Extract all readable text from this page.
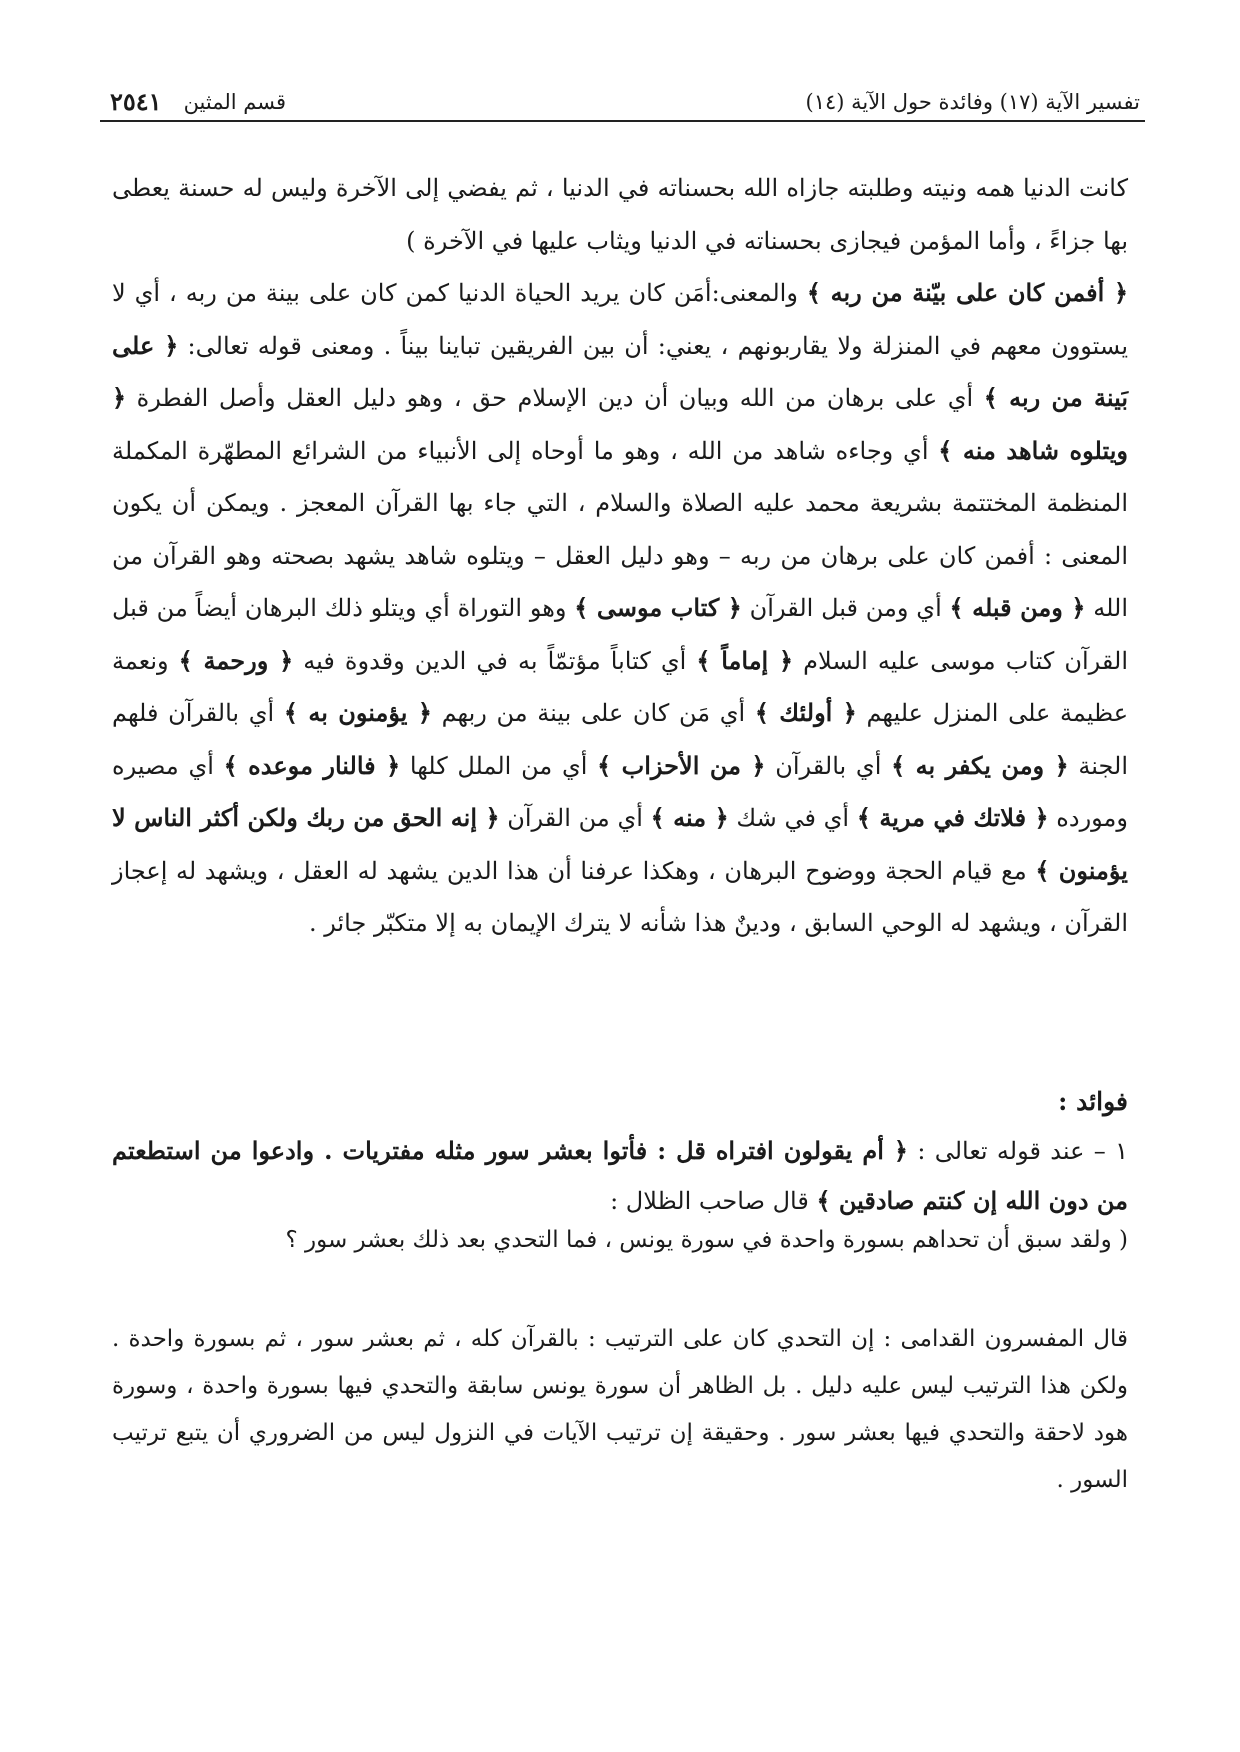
تفسير الآية (١٧) وفائدة حول الآية (١٤)
قسم المثين
٢٥٤١

كانت الدنيا همه ونيته وطلبته جازاه الله بحسناته في الدنيا ، ثم يفضي إلى الآخرة وليس له حسنة يعطى بها جزاءً ، وأما المؤمن فيجازى بحسناته في الدنيا ويثاب عليها في الآخرة )

﴿ أفمن كان على بيّنة من ربه ﴾ والمعنى:أمَن كان يريد الحياة الدنيا كمن كان على بينة من ربه ، أي لا يستوون معهم في المنزلة ولا يقاربونهم ، يعني: أن بين الفريقين تباينا بيناً . ومعنى قوله تعالى: ﴿ على بَينة من ربه ﴾ أي على برهان من الله وبيان أن دين الإسلام حق ، وهو دليل العقل وأصل الفطرة ﴿ ويتلوه شاهد منه ﴾ أي وجاءه شاهد من الله ، وهو ما أوحاه إلى الأنبياء من الشرائع المطهّرة المكملة المنظمة المختتمة بشريعة محمد عليه الصلاة والسلام ، التي جاء بها القرآن المعجز . ويمكن أن يكون المعنى : أفمن كان على برهان من ربه – وهو دليل العقل – ويتلوه شاهد يشهد بصحته وهو القرآن من الله ﴿ ومن قبله ﴾ أي ومن قبل القرآن ﴿ كتاب موسى ﴾ وهو التوراة أي ويتلو ذلك البرهان أيضاً من قبل القرآن كتاب موسى عليه السلام ﴿ إماماً ﴾ أي كتاباً مؤتمّاً به في الدين وقدوة فيه ﴿ ورحمة ﴾ ونعمة عظيمة على المنزل عليهم ﴿ أولئك ﴾ أي مَن كان على بينة من ربهم ﴿ يؤمنون به ﴾ أي بالقرآن فلهم الجنة ﴿ ومن يكفر به ﴾ أي بالقرآن ﴿ من الأحزاب ﴾ أي من الملل كلها ﴿ فالنار موعده ﴾ أي مصيره ومورده ﴿ فلاتك في مرية ﴾ أي في شك ﴿ منه ﴾ أي من القرآن ﴿ إنه الحق من ربك ولكن أكثر الناس لا يؤمنون ﴾ مع قيام الحجة ووضوح البرهان ، وهكذا عرفنا أن هذا الدين يشهد له العقل ، ويشهد له إعجاز القرآن ، ويشهد له الوحي السابق ، ودينٌ هذا شأنه لا يترك الإيمان به إلا متكبّر جائر .

فوائد :
١ – عند قوله تعالى : ﴿ أم يقولون افتراه قل : فأتوا بعشر سور مثله مفتريات . وادعوا من استطعتم من دون الله إن كنتم صادقين ﴾ قال صاحب الظلال :
( ولقد سبق أن تحداهم بسورة واحدة في سورة يونس ، فما التحدي بعد ذلك بعشر سور ؟
قال المفسرون القدامى : إن التحدي كان على الترتيب : بالقرآن كله ، ثم بعشر سور ، ثم بسورة واحدة . ولكن هذا الترتيب ليس عليه دليل . بل الظاهر أن سورة يونس سابقة والتحدي فيها بسورة واحدة ، وسورة هود لاحقة والتحدي فيها بعشر سور . وحقيقة إن ترتيب الآيات في النزول ليس من الضروري أن يتبع ترتيب السور .
